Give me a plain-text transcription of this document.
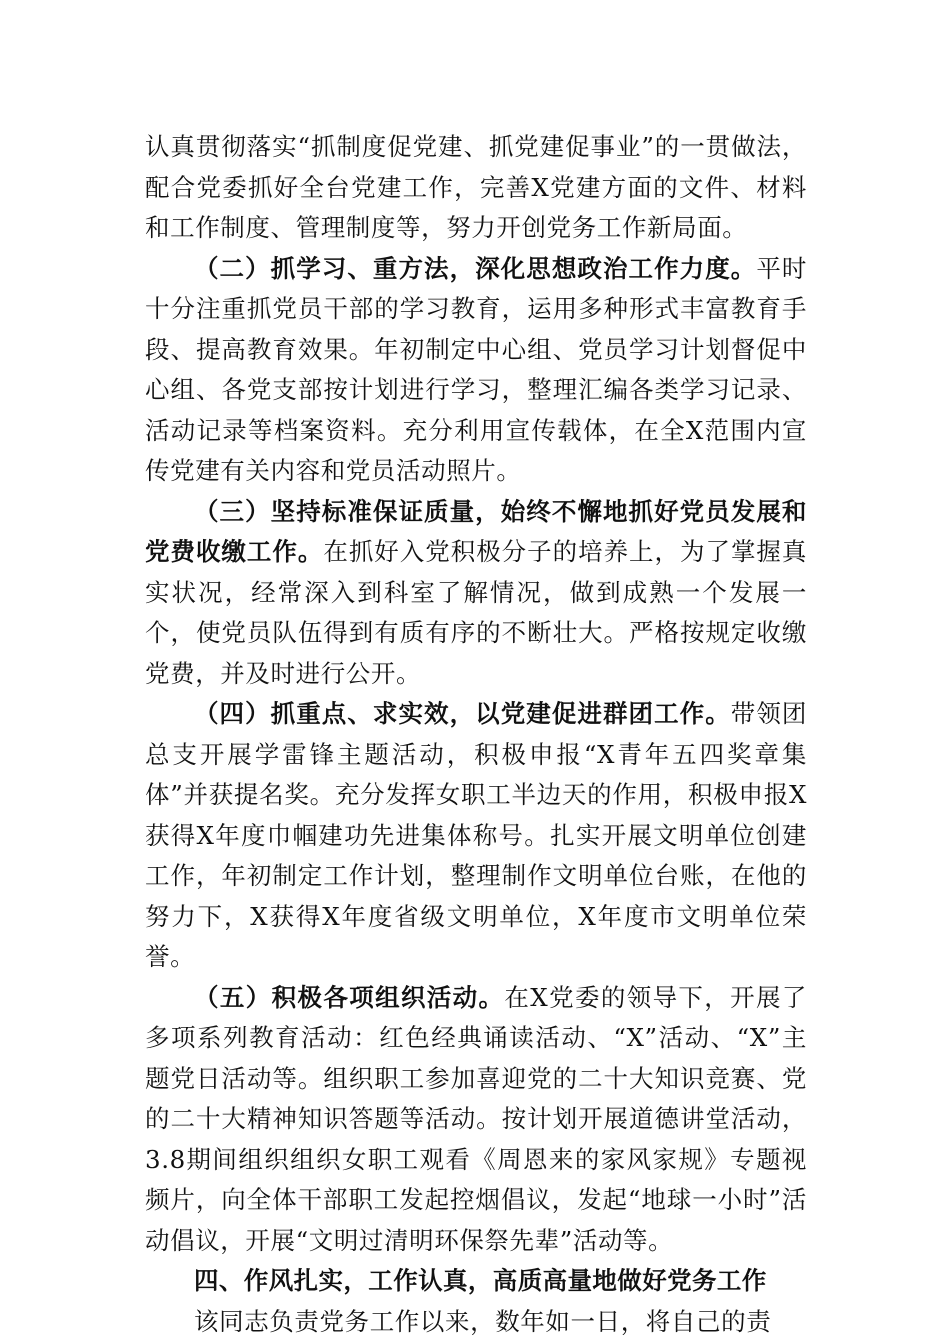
认真贯彻落实“抓制度促党建、抓党建促事业”的一贯做法，配合党委抓好全台党建工作，完善X党建方面的文件、材料和工作制度、管理制度等，努力开创党务工作新局面。

（二）抓学习、重方法，深化思想政治工作力度。平时十分注重抓党员干部的学习教育，运用多种形式丰富教育手段、提高教育效果。年初制定中心组、党员学习计划督促中心组、各党支部按计划进行学习，整理汇编各类学习记录、活动记录等档案资料。充分利用宣传载体，在全X范围内宣传党建有关内容和党员活动照片。

（三）坚持标准保证质量，始终不懈地抓好党员发展和党费收缴工作。在抓好入党积极分子的培养上，为了掌握真实状况，经常深入到科室了解情况，做到成熟一个发展一个，使党员队伍得到有质有序的不断壮大。严格按规定收缴党费，并及时进行公开。

（四）抓重点、求实效，以党建促进群团工作。带领团总支开展学雷锋主题活动，积极申报“X青年五四奖章集体”并获提名奖。充分发挥女职工半边天的作用，积极申报X获得X年度巾帼建功先进集体称号。扎实开展文明单位创建工作，年初制定工作计划，整理制作文明单位台账，在他的努力下，X获得X年度省级文明单位，X年度市文明单位荣誉。

（五）积极各项组织活动。在X党委的领导下，开展了多项系列教育活动：红色经典诵读活动、“X”活动、“X”主题党日活动等。组织职工参加喜迎党的二十大知识竞赛、党的二十大精神知识答题等活动。按计划开展道德讲堂活动，3.8期间组织组织女职工观看《周恩来的家风家规》专题视频片，向全体干部职工发起控烟倡议，发起“地球一小时”活动倡议，开展“文明过清明环保祭先辈”活动等。

四、作风扎实，工作认真，高质高量地做好党务工作

该同志负责党务工作以来，数年如一日，将自己的责
